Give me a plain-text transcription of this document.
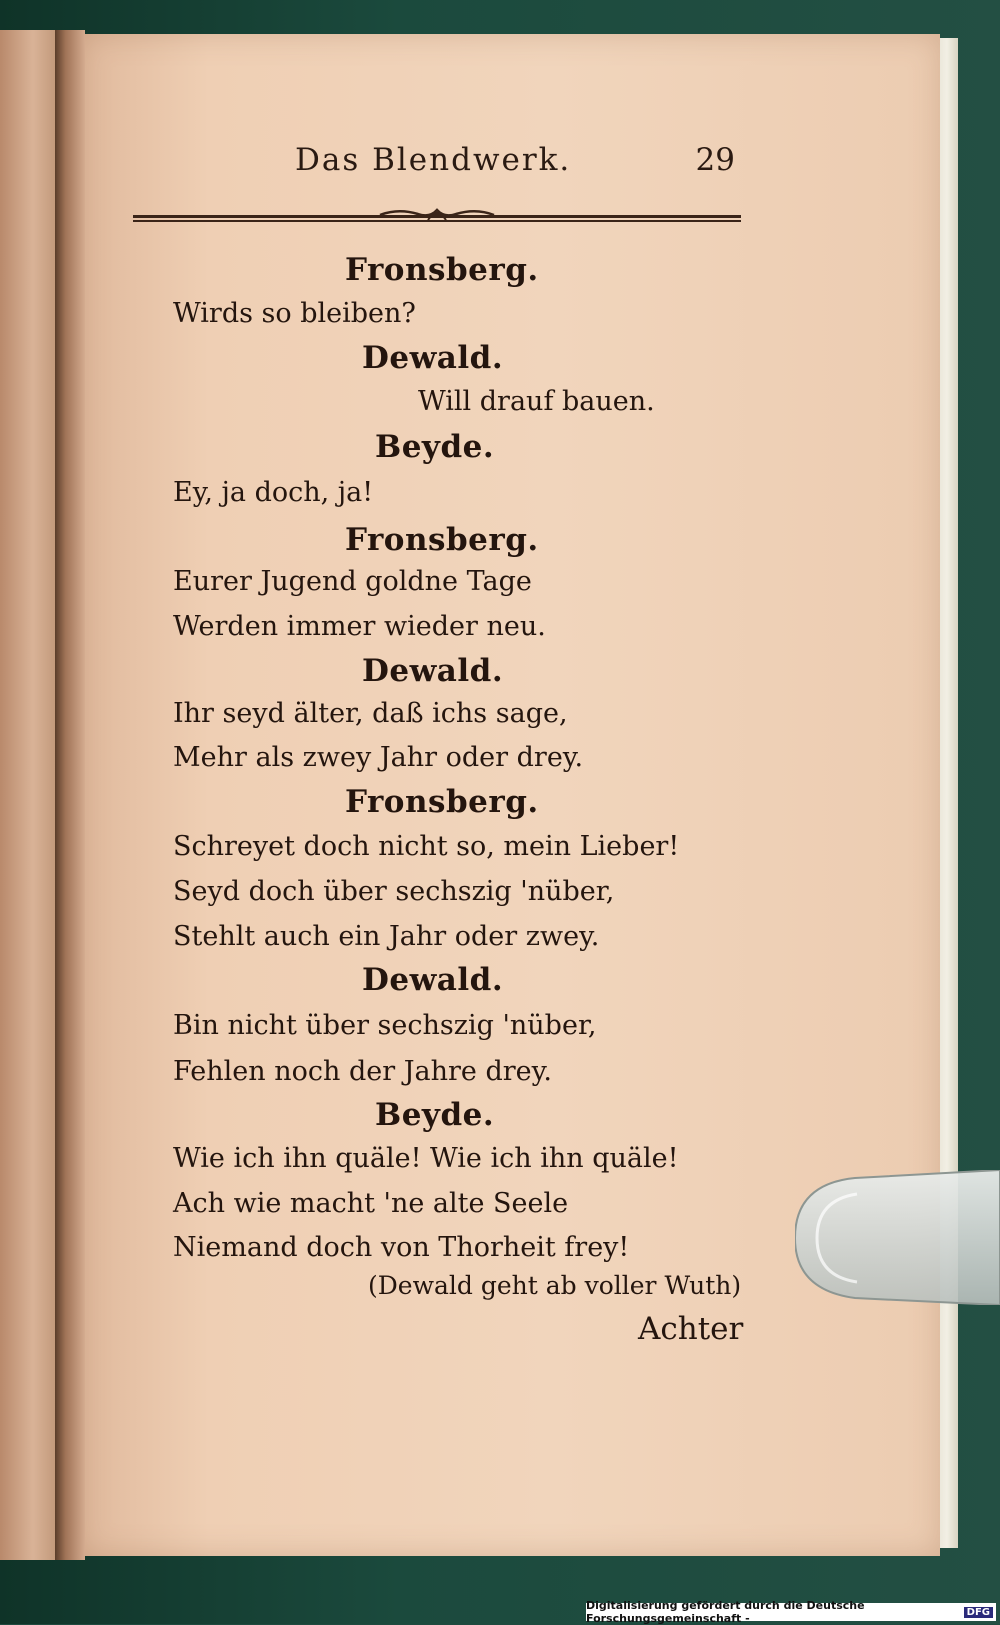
Das Blendwerk.	29
Fronsberg.
Wirds so bleiben?
Dewald.
Will drauf bauen.
Beyde.
Ey, ja doch, ja!
Fronsberg.
Eurer Jugend goldne Tage
Werden immer wieder neu.
Dewald.
Ihr seyd älter, daß ichs sage,
Mehr als zwey Jahr oder drey.
Fronsberg.
Schreyet doch nicht so, mein Lieber!
Seyd doch über sechszig 'nüber,
Stehlt auch ein Jahr oder zwey.
Dewald.
Bin nicht über sechszig 'nüber,
Fehlen noch der Jahre drey.
Beyde.
Wie ich ihn quäle! Wie ich ihn quäle!
Ach wie macht 'ne alte Seele
Niemand doch von Thorheit frey!
(Dewald geht ab voller Wuth)
Achter
Digitalisierung gefördert durch die Deutsche Forschungsgemeinschaft -	DFG
